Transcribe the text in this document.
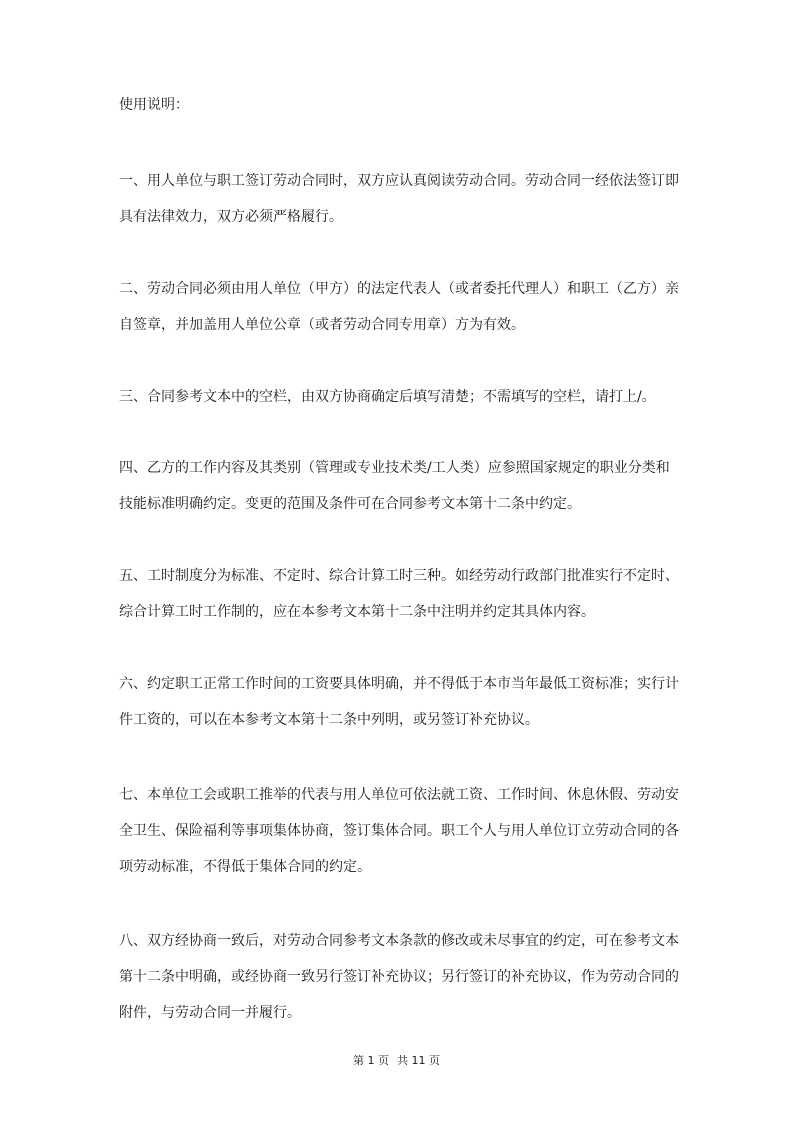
使用说明：
一、用人单位与职工签订劳动合同时，双方应认真阅读劳动合同。劳动合同一经依法签订即
具有法律效力，双方必须严格履行。
二、劳动合同必须由用人单位（甲方）的法定代表人（或者委托代理人）和职工（乙方）亲
自签章，并加盖用人单位公章（或者劳动合同专用章）方为有效。
三、合同参考文本中的空栏，由双方协商确定后填写清楚；不需填写的空栏，请打上/。
四、乙方的工作内容及其类别（管理或专业技术类/工人类）应参照国家规定的职业分类和
技能标准明确约定。变更的范围及条件可在合同参考文本第十二条中约定。
五、工时制度分为标准、不定时、综合计算工时三种。如经劳动行政部门批准实行不定时、
综合计算工时工作制的，应在本参考文本第十二条中注明并约定其具体内容。
六、约定职工正常工作时间的工资要具体明确，并不得低于本市当年最低工资标准；实行计
件工资的，可以在本参考文本第十二条中列明，或另签订补充协议。
七、本单位工会或职工推举的代表与用人单位可依法就工资、工作时间、休息休假、劳动安
全卫生、保险福利等事项集体协商，签订集体合同。职工个人与用人单位订立劳动合同的各
项劳动标准，不得低于集体合同的约定。
八、双方经协商一致后，对劳动合同参考文本条款的修改或未尽事宜的约定，可在参考文本
第十二条中明确，或经协商一致另行签订补充协议；另行签订的补充协议，作为劳动合同的
附件，与劳动合同一并履行。
第 1 页 共 11 页
